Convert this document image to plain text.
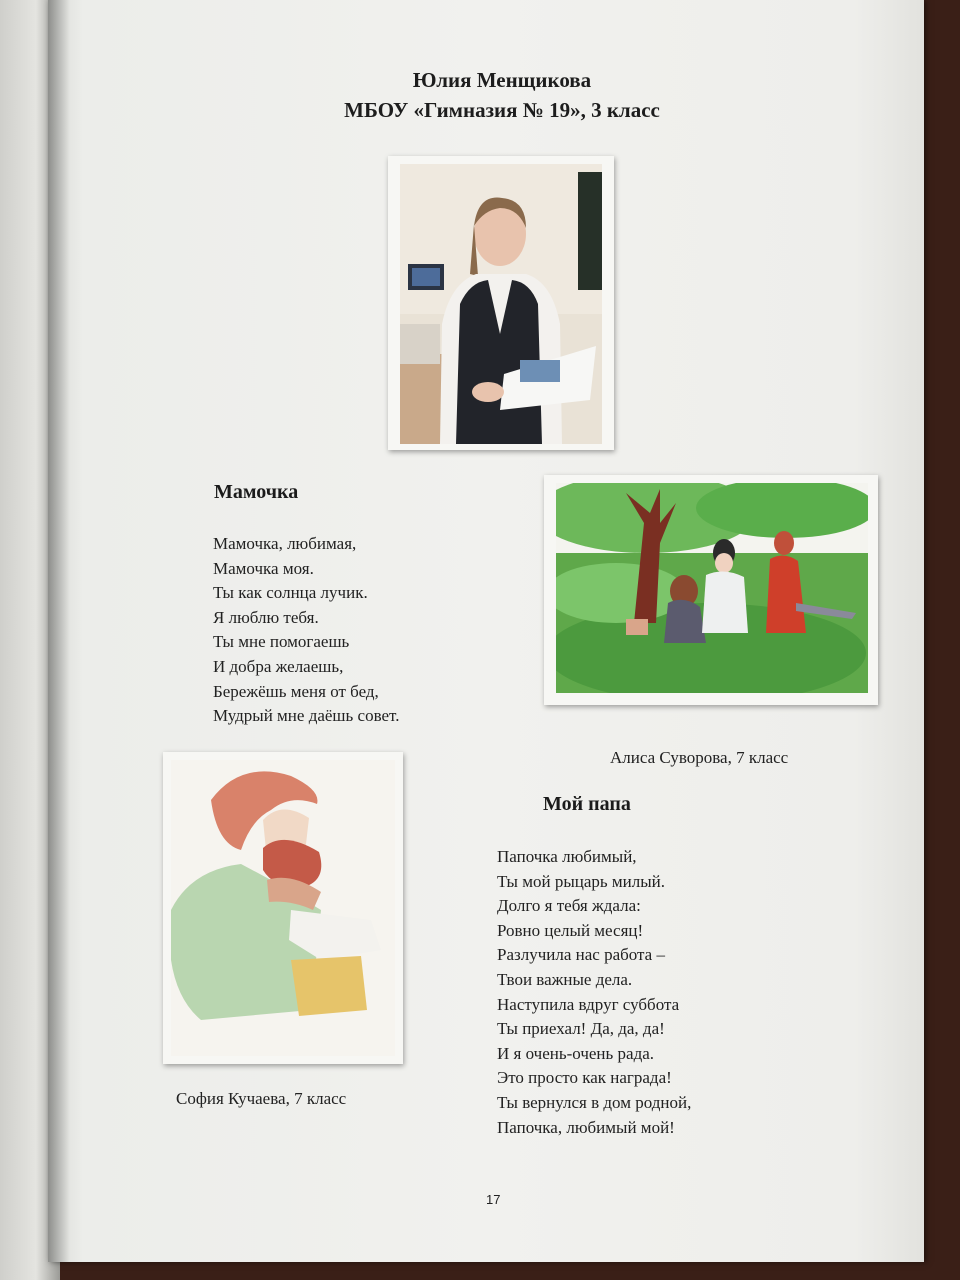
Юлия Менщикова
МБОУ «Гимназия № 19», 3 класс
Мамочка
Мамочка, любимая,
Мамочка моя.
Ты как солнца лучик.
Я люблю тебя.
Ты мне помогаешь
И добра желаешь,
Бережёшь меня от бед,
Мудрый мне даёшь совет.
Алиса Суворова, 7 класс
София Кучаева, 7 класс
Мой папа
Папочка любимый,
Ты мой рыцарь милый.
Долго я тебя ждала:
Ровно целый месяц!
Разлучила нас работа –
Твои важные дела.
Наступила вдруг суббота
Ты приехал! Да, да, да!
И я очень-очень рада.
Это просто как награда!
Ты вернулся в дом родной,
Папочка, любимый мой!
17
